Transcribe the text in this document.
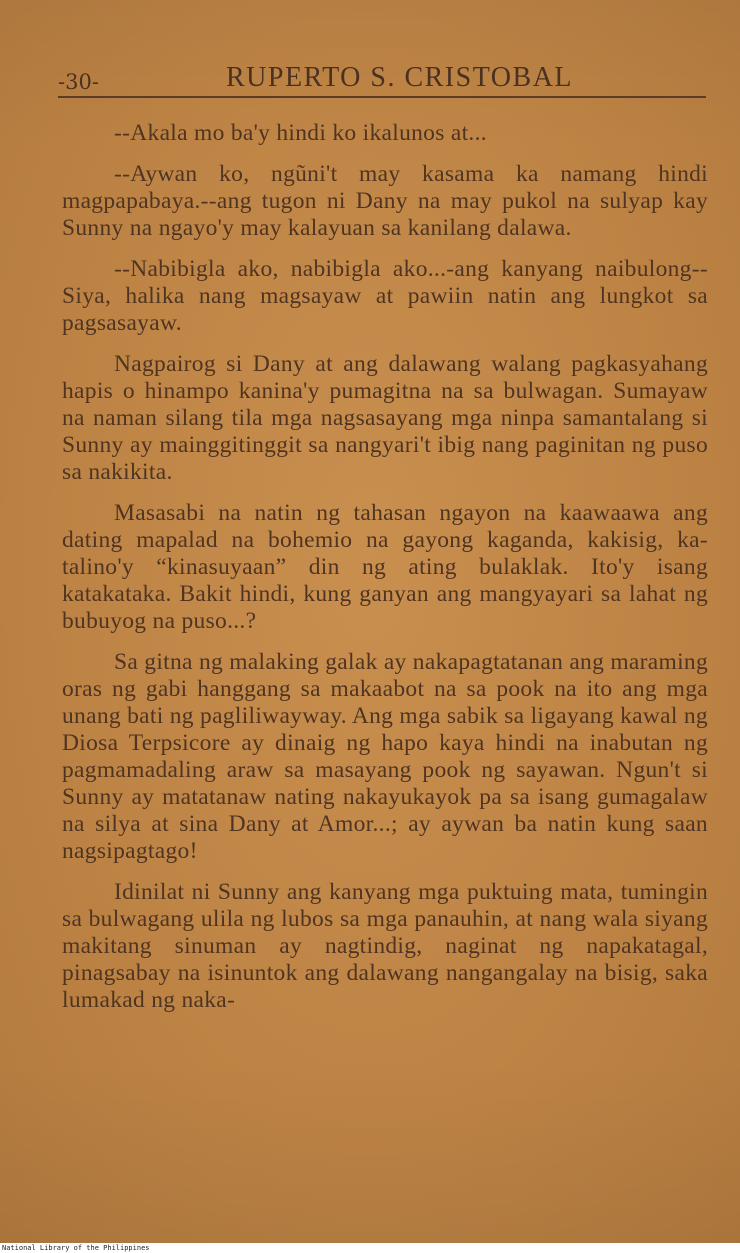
-30-	RUPERTO S. CRISTOBAL

--Akala mo ba'y hindi ko ikalunos at...

--Aywan ko, ngũni't may kasama ka namang hindi magpapabaya.--ang tugon ni Dany na may pukol na sulyap kay Sunny na ngayo'y may kalayuan sa kanilang dalawa.

--Nabibigla ako, nabibigla ako...-ang kanyang naibulong--Siya, halika nang magsayaw at pawiin natin ang lungkot sa pagsasayaw.

Nagpairog si Dany at ang dalawang walang pagkasyahang hapis o hinampo kanina'y pumagitna na sa bulwagan. Sumayaw na naman silang tila mga nagsasayang mga ninpa samantalang si Sunny ay mainggitinggit sa nangyari't ibig nang paginitan ng puso sa nakikita.

Masasabi na natin ng tahasan ngayon na kaawaawa ang dating mapalad na bohemio na gayong kaganda, kakisig, ka-talino'y “kinasuyaan” din ng ating bulaklak. Ito'y isang katakataka. Bakit hindi, kung ganyan ang mangyayari sa lahat ng bubuyog na puso...?

Sa gitna ng malaking galak ay nakapagtatanan ang maraming oras ng gabi hanggang sa makaabot na sa pook na ito ang mga unang bati ng pagliliwayway. Ang mga sabik sa ligayang kawal ng Diosa Terpsicore ay dinaig ng hapo kaya hindi na inabutan ng pagmamadaling araw sa masayang pook ng sayawan. Ngun't si Sunny ay matatanaw nating nakayukayok pa sa isang gumagalaw na silya at sina Dany at Amor...; ay aywan ba natin kung saan nagsipagtago!

Idinilat ni Sunny ang kanyang mga puktuing mata, tumingin sa bulwagang ulila ng lubos sa mga panauhin, at nang wala siyang makitang sinuman ay nagtindig, naginat ng napakatagal, pinagsabay na isinuntok ang dalawang nangangalay na bisig, saka lumakad ng naka-

National Library of the Philippines
